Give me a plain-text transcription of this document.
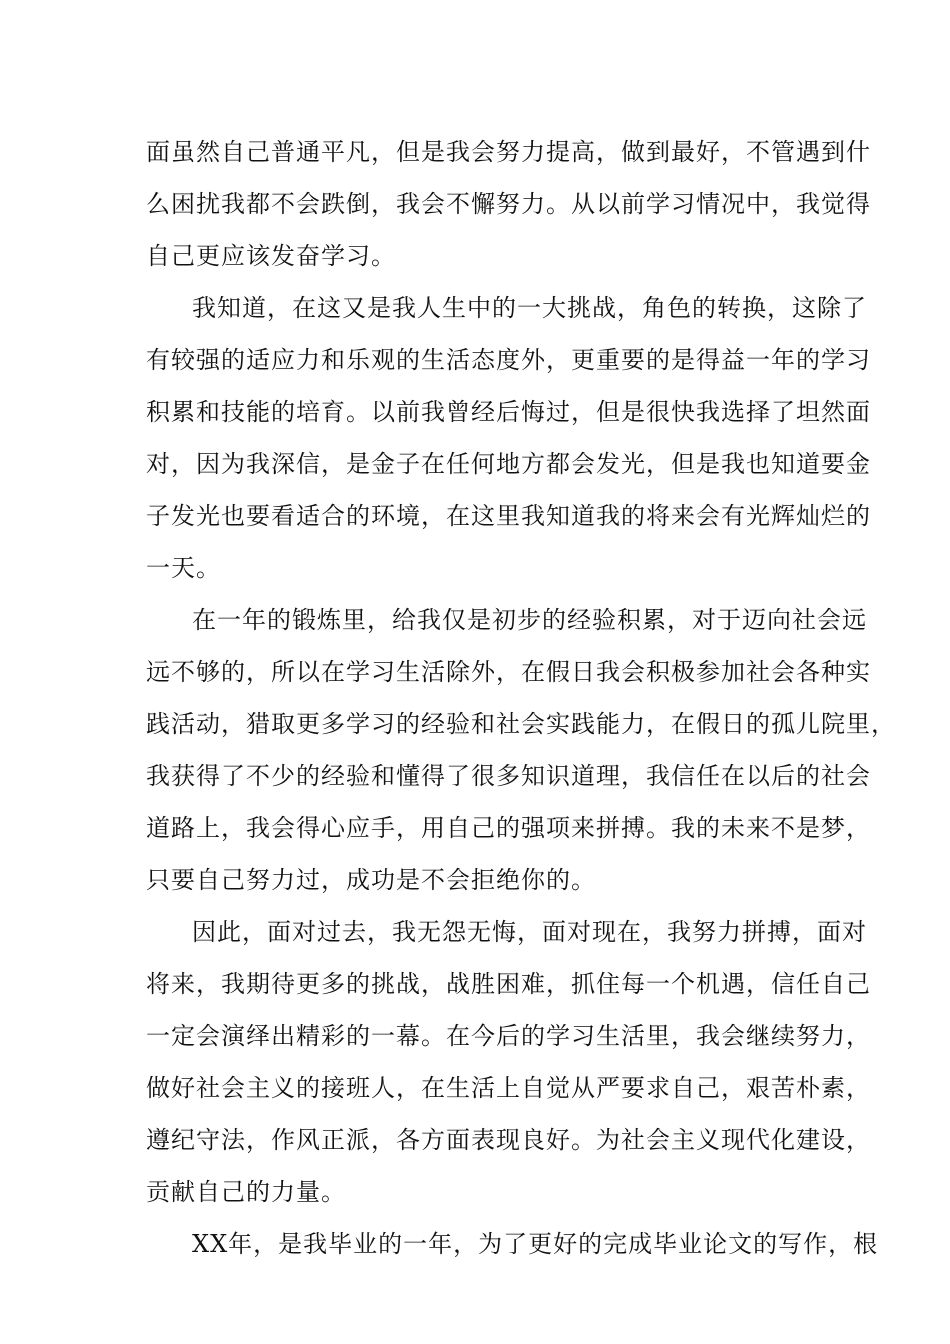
面虽然自己普通平凡，但是我会努力提高，做到最好，不管遇到什
么困扰我都不会跌倒，我会不懈努力。从以前学习情况中，我觉得
自己更应该发奋学习。
我知道，在这又是我人生中的一大挑战，角色的转换，这除了
有较强的适应力和乐观的生活态度外，更重要的是得益一年的学习
积累和技能的培育。以前我曾经后悔过，但是很快我选择了坦然面
对，因为我深信，是金子在任何地方都会发光，但是我也知道要金
子发光也要看适合的环境，在这里我知道我的将来会有光辉灿烂的
一天。
在一年的锻炼里，给我仅是初步的经验积累，对于迈向社会远
远不够的，所以在学习生活除外，在假日我会积极参加社会各种实
践活动，猎取更多学习的经验和社会实践能力，在假日的孤儿院里，
我获得了不少的经验和懂得了很多知识道理，我信任在以后的社会
道路上，我会得心应手，用自己的强项来拼搏。我的未来不是梦，
只要自己努力过，成功是不会拒绝你的。
因此，面对过去，我无怨无悔，面对现在，我努力拼搏，面对
将来，我期待更多的挑战，战胜困难，抓住每一个机遇，信任自己
一定会演绎出精彩的一幕。在今后的学习生活里，我会继续努力，
做好社会主义的接班人，在生活上自觉从严要求自己，艰苦朴素，
遵纪守法，作风正派，各方面表现良好。为社会主义现代化建设，
贡献自己的力量。
XX年，是我毕业的一年，为了更好的完成毕业论文的写作，根
